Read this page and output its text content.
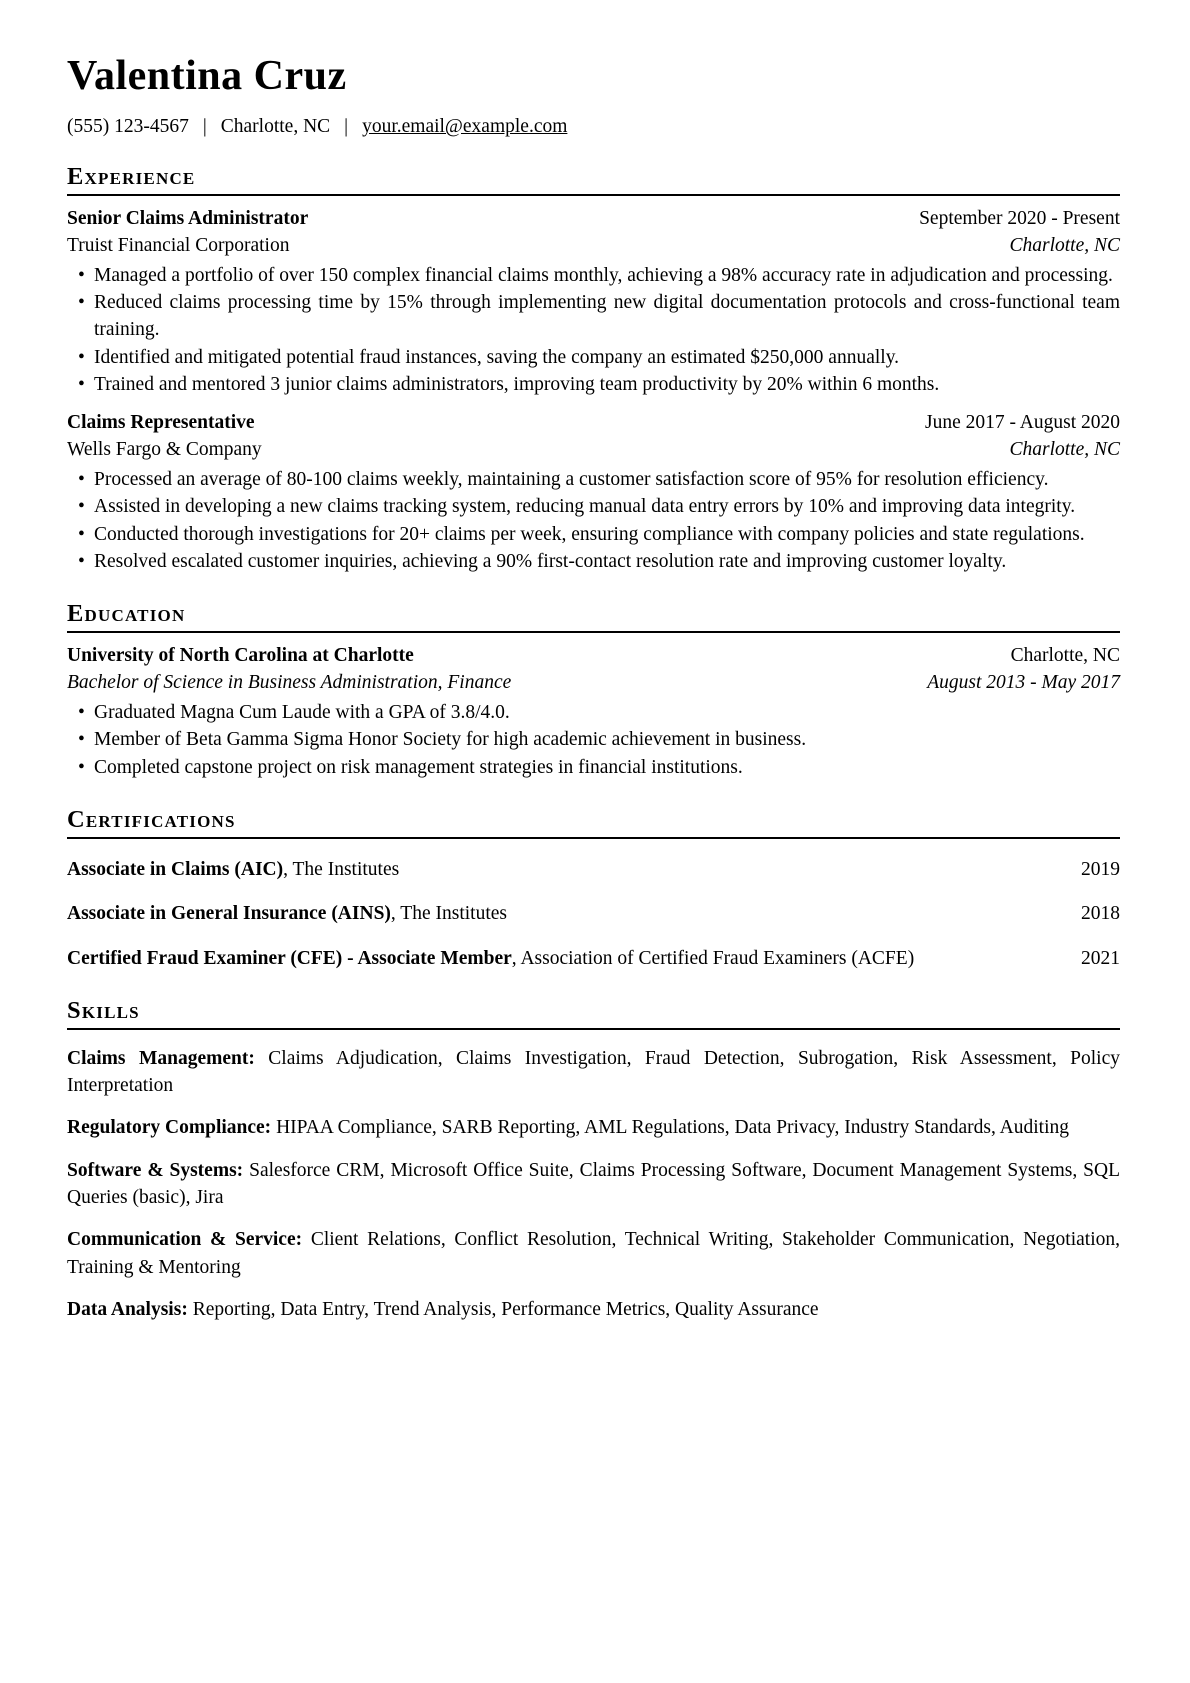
Valentina Cruz
(555) 123-4567 | Charlotte, NC | your.email@example.com
Experience
Senior Claims Administrator	September 2020 - Present
Truist Financial Corporation	Charlotte, NC
• Managed a portfolio of over 150 complex financial claims monthly, achieving a 98% accuracy rate in adjudication and processing.
• Reduced claims processing time by 15% through implementing new digital documentation protocols and cross-functional team training.
• Identified and mitigated potential fraud instances, saving the company an estimated $250,000 annually.
• Trained and mentored 3 junior claims administrators, improving team productivity by 20% within 6 months.
Claims Representative	June 2017 - August 2020
Wells Fargo & Company	Charlotte, NC
• Processed an average of 80-100 claims weekly, maintaining a customer satisfaction score of 95% for resolution efficiency.
• Assisted in developing a new claims tracking system, reducing manual data entry errors by 10% and improving data integrity.
• Conducted thorough investigations for 20+ claims per week, ensuring compliance with company policies and state regulations.
• Resolved escalated customer inquiries, achieving a 90% first-contact resolution rate and improving customer loyalty.
Education
University of North Carolina at Charlotte	Charlotte, NC
Bachelor of Science in Business Administration, Finance	August 2013 - May 2017
• Graduated Magna Cum Laude with a GPA of 3.8/4.0.
• Member of Beta Gamma Sigma Honor Society for high academic achievement in business.
• Completed capstone project on risk management strategies in financial institutions.
Certifications
Associate in Claims (AIC), The Institutes	2019
Associate in General Insurance (AINS), The Institutes	2018
Certified Fraud Examiner (CFE) - Associate Member, Association of Certified Fraud Examiners (ACFE)	2021
Skills

Claims Management: Claims Adjudication, Claims Investigation, Fraud Detection, Subrogation, Risk Assessment, Policy Interpretation

Regulatory Compliance: HIPAA Compliance, SARB Reporting, AML Regulations, Data Privacy, Industry Standards, Auditing

Software & Systems: Salesforce CRM, Microsoft Office Suite, Claims Processing Software, Document Management Systems, SQL Queries (basic), Jira

Communication & Service: Client Relations, Conflict Resolution, Technical Writing, Stakeholder Communication, Negotiation, Training & Mentoring

Data Analysis: Reporting, Data Entry, Trend Analysis, Performance Metrics, Quality Assurance
